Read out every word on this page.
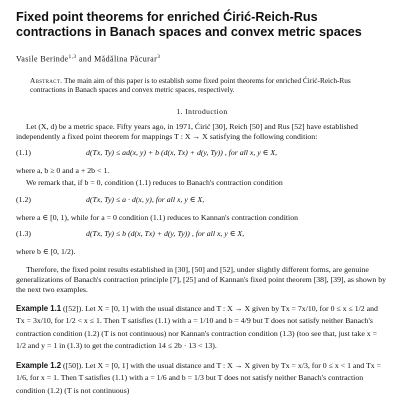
Fixed point theorems for enriched Ćirić-Reich-Rus
contractions in Banach spaces and convex metric spaces
Vasile Berinde$^{1,3}$ and Mădălina Păcurar$^3$
Abstract. The main aim of this paper is to establish some fixed point theorems for enriched Ćirić-Reich-Rus contractions in Banach spaces and convex metric spaces, respectively.
1. Introduction
Let (X, d) be a metric space. Fifty years ago, in 1971, Ćirić [30], Reich [50] and Rus [52] have established independently a fixed point theorem for mappings T : X → X satisfying the following condition:
(1.1)	d(Tx, Ty) ≤ ad(x, y) + b (d(x, Tx) + d(y, Ty)) , for all x, y ∈ X,
where a, b ≥ 0 and a + 2b < 1.
We remark that, if b = 0, condition (1.1) reduces to Banach's contraction condition
(1.2)	d(Tx, Ty) ≤ a · d(x, y), for all x, y ∈ X,
where a ∈ [0, 1), while for a = 0 condition (1.1) reduces to Kannan's contraction condition
(1.3)	d(Tx, Ty) ≤ b (d(x, Tx) + d(y, Ty)) , for all x, y ∈ X,
where b ∈ [0, 1/2).
Therefore, the fixed point results established in [30], [50] and [52], under slightly different forms, are genuine generalizations of Banach's contraction principle [7], [25] and of Kannan's fixed point theorem [38], [39], as shown by the next two examples.
Example 1.1 ([52]). Let X = [0, 1] with the usual distance and T : X → X given by Tx = 7x/10, for 0 ≤ x ≤ 1/2 and Tx = 3x/10, for 1/2 < x ≤ 1. Then T satisfies (1.1) with a = 1/10 and b = 4/9 but T does not satisfy neither Banach's contraction condition (1.2) (T is not continuous) nor Kannan's contraction condition (1.3) (too see that, just take x = 1/2 and y = 1 in (1.3) to get the contradiction 14 ≤ 2b · 13 < 13).
Example 1.2 ([50]). Let X = [0, 1] with the usual distance and T : X → X given by Tx = x/3, for 0 ≤ x < 1 and Tx = 1/6, for x = 1. Then T satisfies (1.1) with a = 1/6 and b = 1/3 but T does not satisfy neither Banach's contraction condition (1.2) (T is not continuous)
